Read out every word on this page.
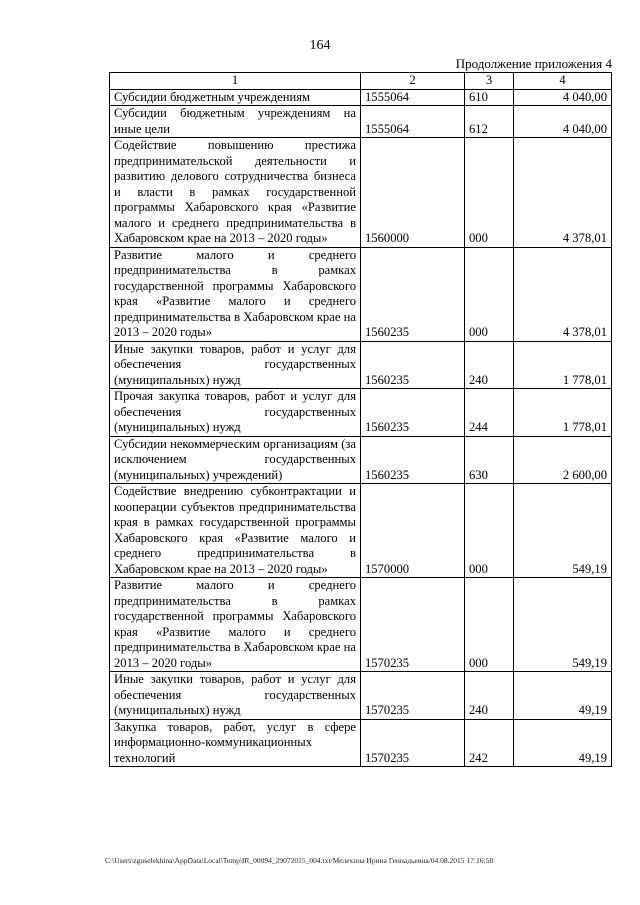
164
Продолжение приложения 4
1	2	3	4
Субсидии бюджетным учреждениям	1555064	610	4 040,00
Субсидии бюджетным учреждениям на иные цели	1555064	612	4 040,00
Содействие повышению престижа предпринимательской деятельности и развитию делового сотрудничества бизнеса и власти в рамках государственной программы Хабаровского края «Развитие малого и среднего предпринимательства в Хабаровском крае на 2013 – 2020 годы»	1560000	000	4 378,01
Развитие малого и среднего предпринимательства в рамках государственной программы Хабаровского края «Развитие малого и среднего предпринимательства в Хабаровском крае на 2013 – 2020 годы»	1560235	000	4 378,01
Иные закупки товаров, работ и услуг для обеспечения государственных (муниципальных) нужд	1560235	240	1 778,01
Прочая закупка товаров, работ и услуг для обеспечения государственных (муниципальных) нужд	1560235	244	1 778,01
Субсидии некоммерческим организациям (за исключением государственных (муниципальных) учреждений)	1560235	630	2 600,00
Содействие внедрению субконтрактации и кооперации субъектов предпринимательства края в рамках государственной программы Хабаровского края «Развитие малого и среднего предпринимательства в Хабаровском крае на 2013 – 2020 годы»	1570000	000	549,19
Развитие малого и среднего предпринимательства в рамках государственной программы Хабаровского края «Развитие малого и среднего предпринимательства в Хабаровском крае на 2013 – 2020 годы»	1570235	000	549,19
Иные закупки товаров, работ и услуг для обеспечения государственных (муниципальных) нужд	1570235	240	49,19
Закупка товаров, работ, услуг в сфере информационно-коммуникационных технологий	1570235	242	49,19
C:\Users\zguselekhina\AppData\Local\Temp\IR_00094_29072015_004.txt/Мелехина Ирина Геннадьевна/04.08.2015 17:16:58
